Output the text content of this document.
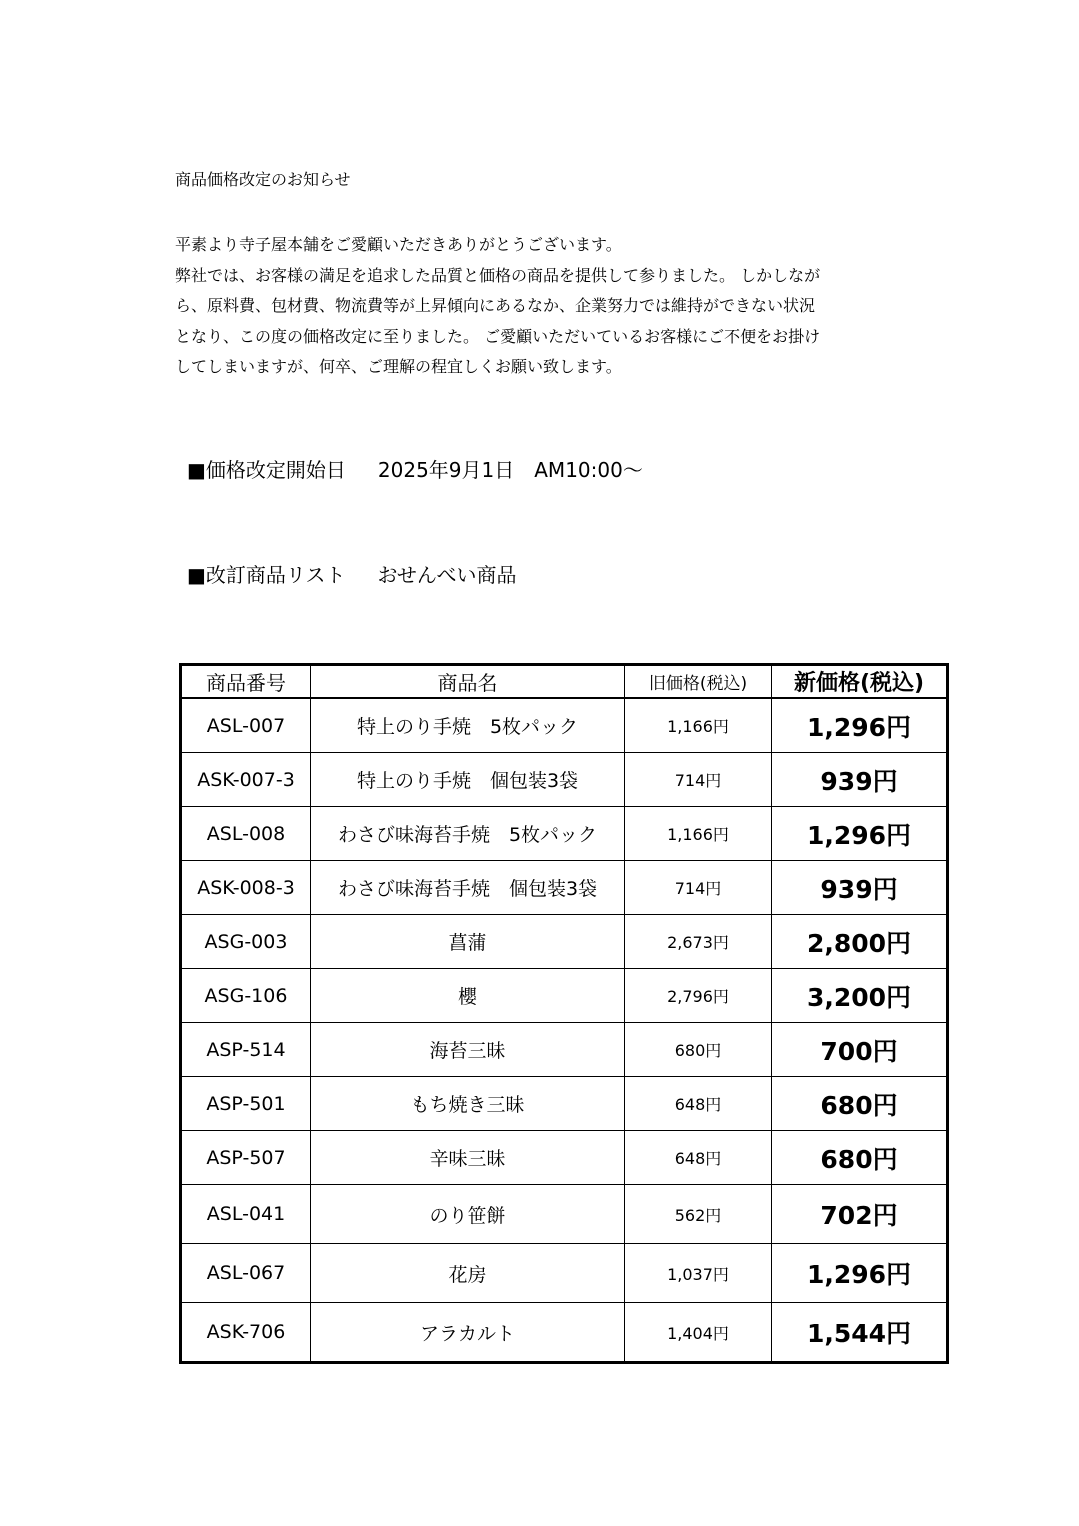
商品価格改定のお知らせ

平素より寺子屋本舗をご愛顧いただきありがとうございます。

弊社では、お客様の満足を追求した品質と価格の商品を提供して参りました。 しかしなが

ら、原料費、包材費、物流費等が上昇傾向にあるなか、企業努力では維持ができない状況

となり、この度の価格改定に至りました。 ご愛顧いただいているお客様にご不便をお掛け

してしまいますが、何卒、ご理解の程宜しくお願い致します。

■価格改定開始日 2025年9月1日　AM10:00～
■改訂商品リスト おせんべい商品
商品番号	商品名	旧価格(税込)	新価格(税込)
ASL-007	特上のり手焼　5枚パック	1,166円	1,296円
ASK-007-3	特上のり手焼　個包装3袋	714円	939円
ASL-008	わさび味海苔手焼　5枚パック	1,166円	1,296円
ASK-008-3	わさび味海苔手焼　個包装3袋	714円	939円
ASG-003	菖蒲	2,673円	2,800円
ASG-106	櫻	2,796円	3,200円
ASP-514	海苔三昧	680円	700円
ASP-501	もち焼き三昧	648円	680円
ASP-507	辛味三昧	648円	680円
ASL-041	のり笹餅	562円	702円
ASL-067	花房	1,037円	1,296円
ASK-706	アラカルト	1,404円	1,544円
